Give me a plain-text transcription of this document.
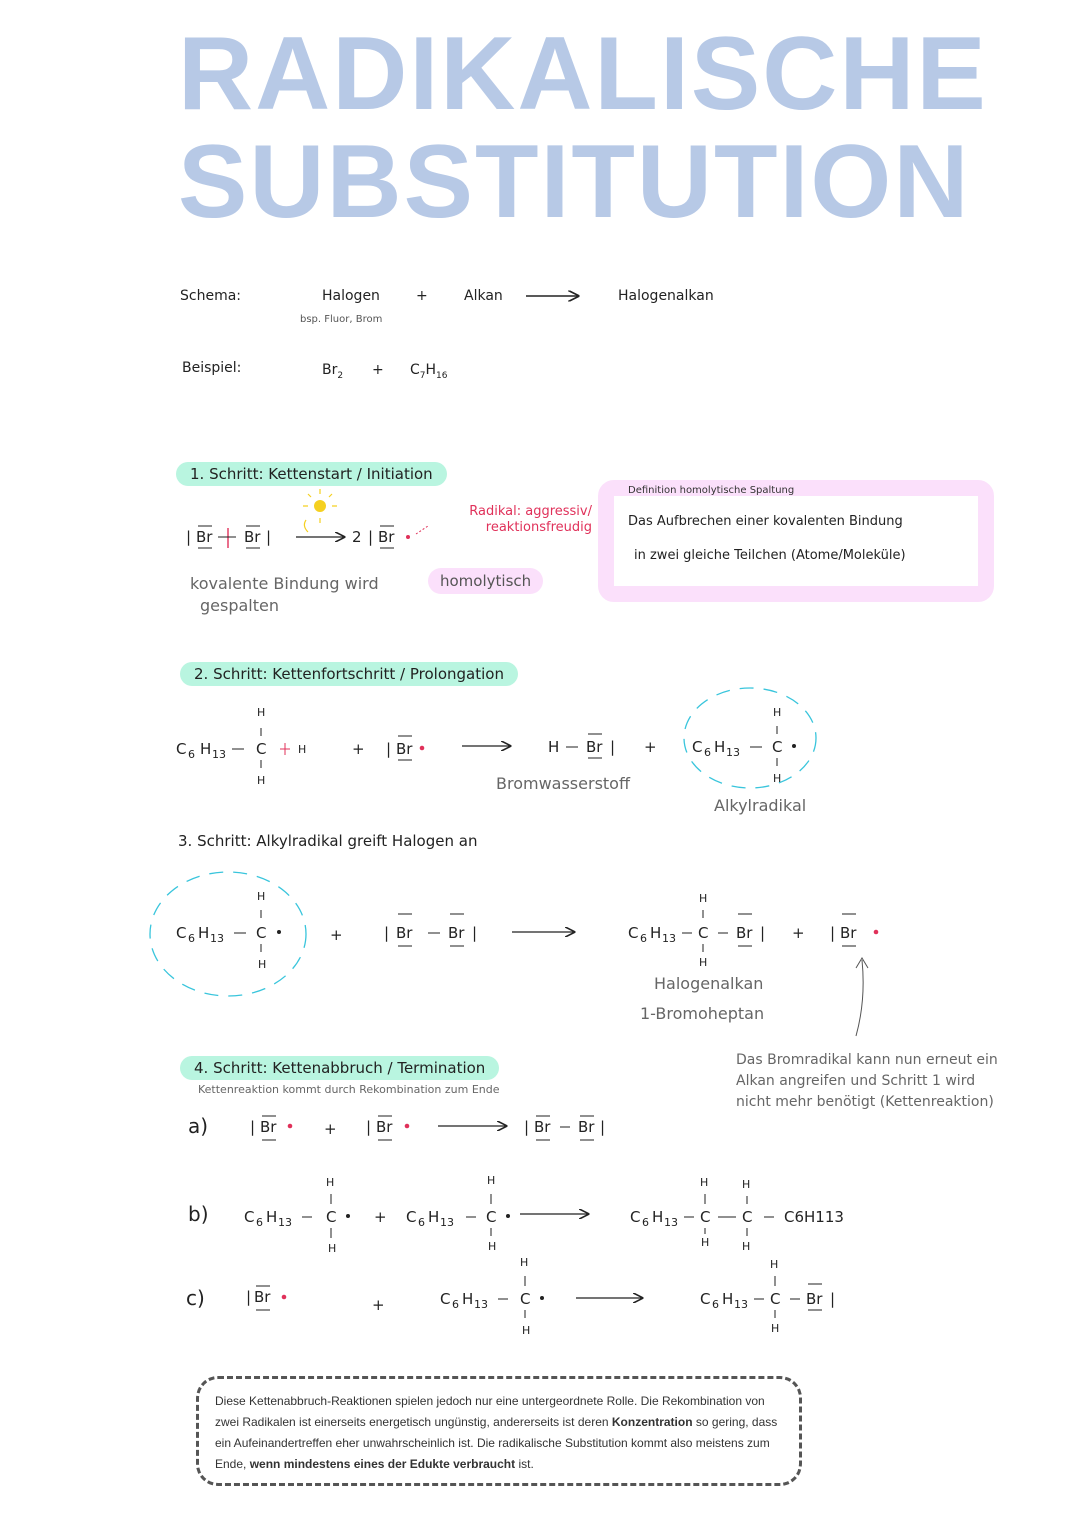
RADIKALISCHE
SUBSTITUTION
Schema:	Halogen
bsp. Fluor, Brom
+	Alkan	Halogenalkan
Beispiel:	$Br_2 + C_7H_{16}$
1. Schritt: Kettenstart / Initiation
Radikal: aggressiv/ reaktionsfreudig
kovalente Bindung wird
gespalten
homolytisch
Definition homolytische Spaltung
Das Aufbrechen einer kovalenten Bindung
in zwei gleiche Teilchen (Atome/Moleküle)
2. Schritt: Kettenfortschritt / Prolongation
Bromwasserstoff
Alkylradikal
3. Schritt: Alkylradikal greift Halogen an
Halogenalkan
1-Bromoheptan
Das Bromradikal kann nun erneut ein Alkan angreifen und Schritt 1 wird nicht mehr benötigt (Kettenreaktion)
4. Schritt: Kettenabbruch / Termination
Kettenreaktion kommt durch Rekombination zum Ende
a)
b)
c)
| Br Br |	2 | Br
C 6 H 13 C
H
H
H	+ | Br	H Br | + C 6 H 13 C
H
H
C 6 H 13 C
H
H
+	| Br Br |	C 6 H 13 C
H
H
Br | + | Br
| Br	+ | Br	| Br Br |
C 6 H 13 C
H
H
+ C 6 H 13 C
H
H
C 6 H 13 C
H
H
C
H
H
C6H113
| Br	+	C 6 H 13 C
H
H
C 6 H 13 C
H
H
Br |
Diese Kettenabbruch-Reaktionen spielen jedoch nur eine untergeordnete Rolle. Die Rekombination von zwei Radikalen ist einerseits energetisch ungünstig, andererseits ist deren Konzentration so gering, dass ein Aufeinandertreffen eher unwahrscheinlich ist. Die radikalische Substitution kommt also meistens zum Ende, wenn mindestens eines der Edukte verbraucht ist.
